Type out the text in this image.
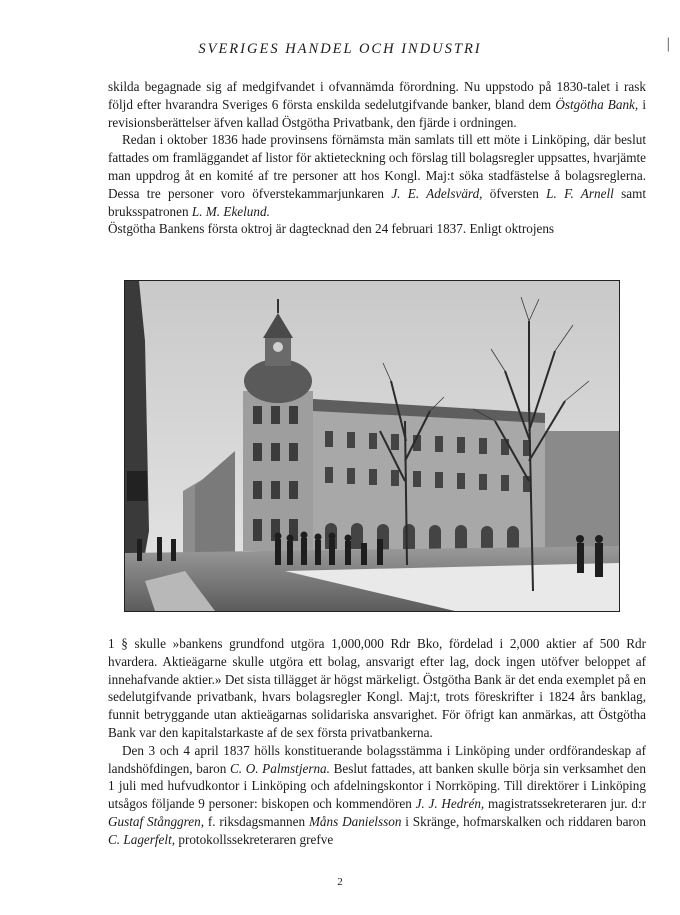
SVERIGES HANDEL OCH INDUSTRI	|

skilda begagnade sig af medgifvandet i ofvannämda förordning. Nu uppstodo på 1830-talet i rask följd efter hvarandra Sveriges 6 första enskilda sedelutgifvande banker, bland dem Östgötha Bank, i revisionsberättelser äfven kallad Östgötha Privatbank, den fjärde i ordningen.

Redan i oktober 1836 hade provinsens förnämsta män samlats till ett möte i Linköping, där beslut fattades om framläggandet af listor för aktieteckning och förslag till bolagsregler uppsattes, hvarjämte man uppdrog åt en komité af tre personer att hos Kongl. Maj:t söka stadfästelse å bolagsreglerna. Dessa tre personer voro öfverstekammarjunkaren J. E. Adelsvärd, öfversten L. F. Arnell samt bruksspatronen L. M. Ekelund.

Östgötha Bankens första oktroj är dagtecknad den 24 februari 1837. Enligt oktrojens

1 § skulle »bankens grundfond utgöra 1,000,000 Rdr Bko, fördelad i 2,000 aktier af 500 Rdr hvardera. Aktieägarne skulle utgöra ett bolag, ansvarigt efter lag, dock ingen utöfver beloppet af innehafvande aktier.» Det sista tillägget är högst märkeligt. Östgötha Bank är det enda exemplet på en sedelutgifvande privatbank, hvars bolagsregler Kongl. Maj:t, trots föreskrifter i 1824 års banklag, funnit betryggande utan aktieägarnas solidariska ansvarighet. För öfrigt kan anmärkas, att Östgötha Bank var den kapitalstarkaste af de sex första privatbankerna.

Den 3 och 4 april 1837 hölls konstituerande bolagsstämma i Linköping under ordförandeskap af landshöfdingen, baron C. O. Palmstjerna. Beslut fattades, att banken skulle börja sin verksamhet den 1 juli med hufvudkontor i Linköping och afdelningskontor i Norrköping. Till direktörer i Linköping utsågos följande 9 personer: biskopen och kommendören J. J. Hedrén, magistratssekreteraren jur. d:r Gustaf Stånggren, f. riksdagsmannen Måns Danielsson i Skränge, hofmarskalken och riddaren baron C. Lagerfelt, protokollssekreteraren grefve

2
